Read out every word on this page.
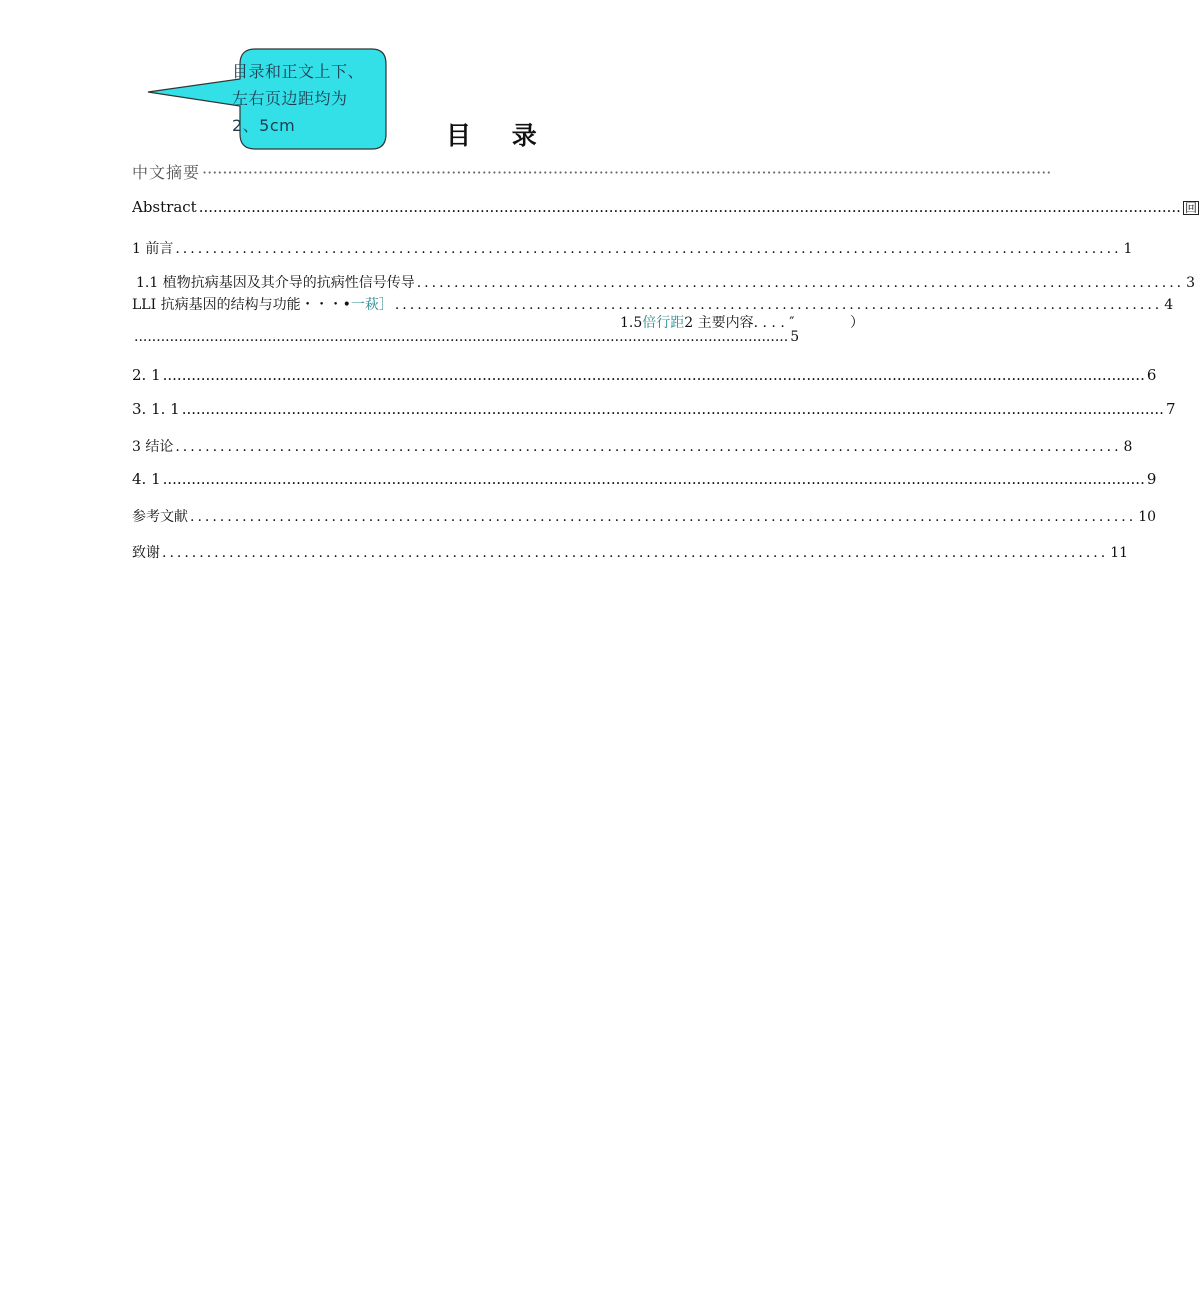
目录和正文上下、
左右页边距均为
2、5cm	目 录
中文摘要 ·······································································································································································
Abstract .............................................................................................................................................................................................................. 回
1 前言 ............................................................................................................................... 1
1.1 植物抗病基因及其介导的抗病性信号传导 ....................................................................................................... 3
LLI 抗病基因的结构与功能・・・• 一萩］ ....................................................................................................... 4
1.5 倍行距 2 主要内容. . . . ″	）
................................................................................................................................................... 5
2. 1 .............................................................................................................................................................................................................. 6
3. 1. 1 .............................................................................................................................................................................................................. 7
3 结论 ............................................................................................................................... 8
4. 1 .............................................................................................................................................................................................................. 9
参考文献 ............................................................................................................................... 10
致谢 ............................................................................................................................... 11
